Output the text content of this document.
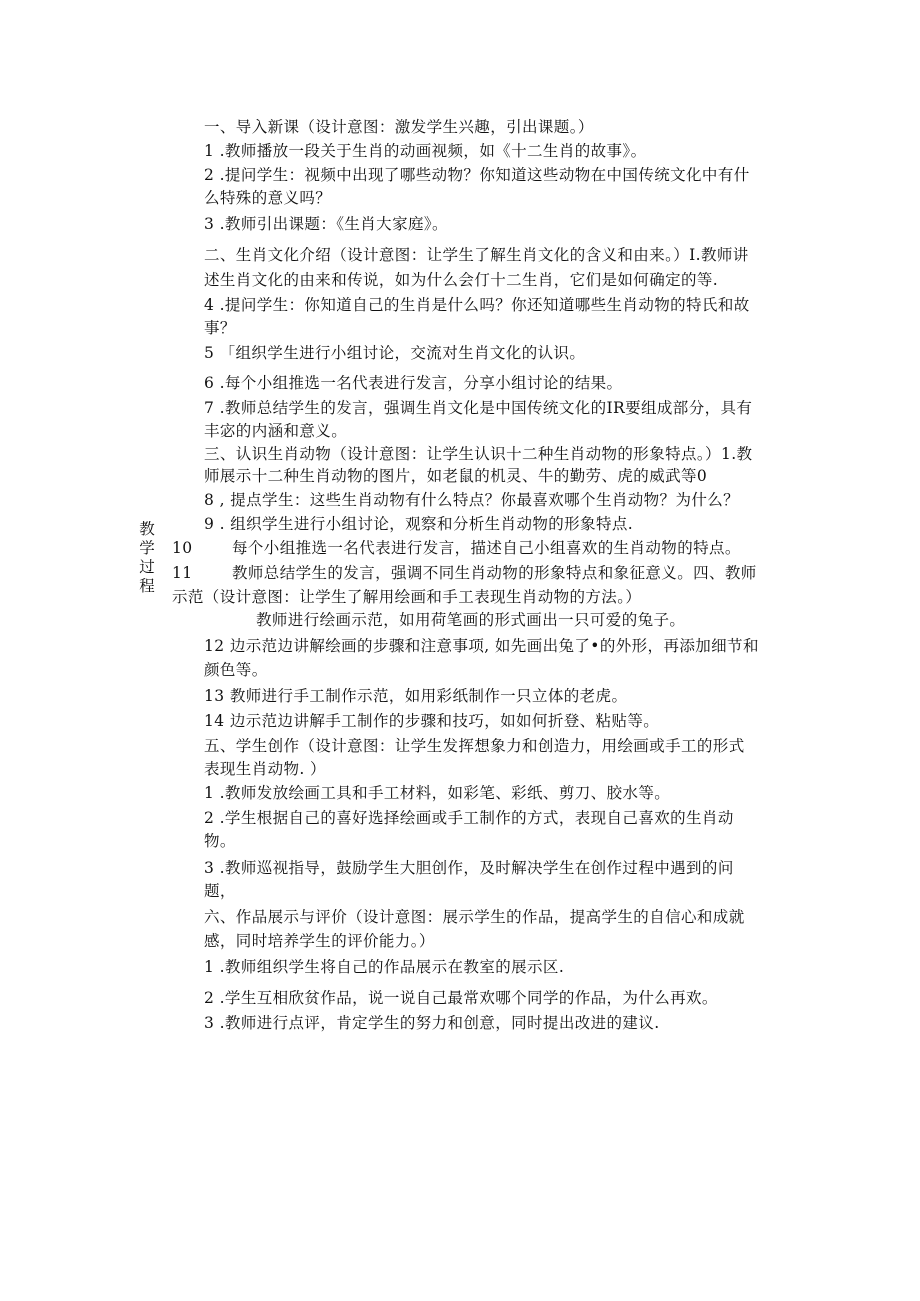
教
学
过
程
一、导入新课（设计意图：激发学生兴趣，引出课题。）
1 .教师播放一段关于生肖的动画视频，如《十二生肖的故事》。
2 .提问学生：视频中出现了哪些动物？你知道这些动物在中国传统文化中有什
么特殊的意义吗？
3 .教师引出课题：《生肖大家庭》。
二、生肖文化介绍（设计意图：让学生了解生肖文化的含义和由来。）I.教师讲
述生肖文化的由来和传说，如为什么会仃十二生肖，它们是如何确定的等.
4 .提问学生：你知道自己的生肖是什么吗？你还知道哪些生肖动物的特氏和故
事？
5 「组织学生进行小组讨论，交流对生肖文化的认识。
6 .每个小组推选一名代表进行发言，分享小组讨论的结果。
7 .教师总结学生的发言，强调生肖文化是中国传统文化的IR要组成部分，具有
丰宓的内涵和意义。
三、认识生肖动物（设计意图：让学生认识十二种生肖动物的形象特点。）1.教
师展示十二种生肖动物的图片，如老鼠的机灵、牛的勤劳、虎的威武等0
8 , 提点学生：这些生肖动物有什么特点？你最喜欢哪个生肖动物？为什么？
9 . 组织学生进行小组讨论，观察和分析生肖动物的形象特点.
10	每个小组推选一名代表进行发言，描述自己小组喜欢的生肖动物的特点。
11	教师总结学生的发言，强调不同生肖动物的形象特点和象征意义。四、教师
示范（设计意图：让学生了解用绘画和手工表现生肖动物的方法。）
教师进行绘画示范，如用荷笔画的形式画出一只可爱的兔子。
12 边示范边讲解绘画的步骤和注意事项, 如先画出兔了•的外形，再添加细节和
颜色等。
13 教师进行手工制作示范，如用彩纸制作一只立体的老虎。
14 边示范边讲解手工制作的步骤和技巧，如如何折登、粘贴等。
五、学生创作（设计意图：让学生发挥想象力和创造力，用绘画或手工的形式
表现生肖动物. ）
1 .教师发放绘画工具和手工材料，如彩笔、彩纸、剪刀、胶水等。
2 .学生根据自己的喜好选择绘画或手工制作的方式，表现自己喜欢的生肖动
物。
3 .教师巡视指导，鼓励学生大胆创作，及时解决学生在创作过程中遇到的问
题，
六、作品展示与评价（设计意图：展示学生的作品，提高学生的自信心和成就
感，同时培养学生的评价能力。）
1 .教师组织学生将自己的作品展示在教室的展示区.
2 .学生互相欣贫作品，说一说自己最常欢哪个同学的作品，为什么再欢。
3 .教师进行点评，肯定学生的努力和创意，同时提出改进的建议.
